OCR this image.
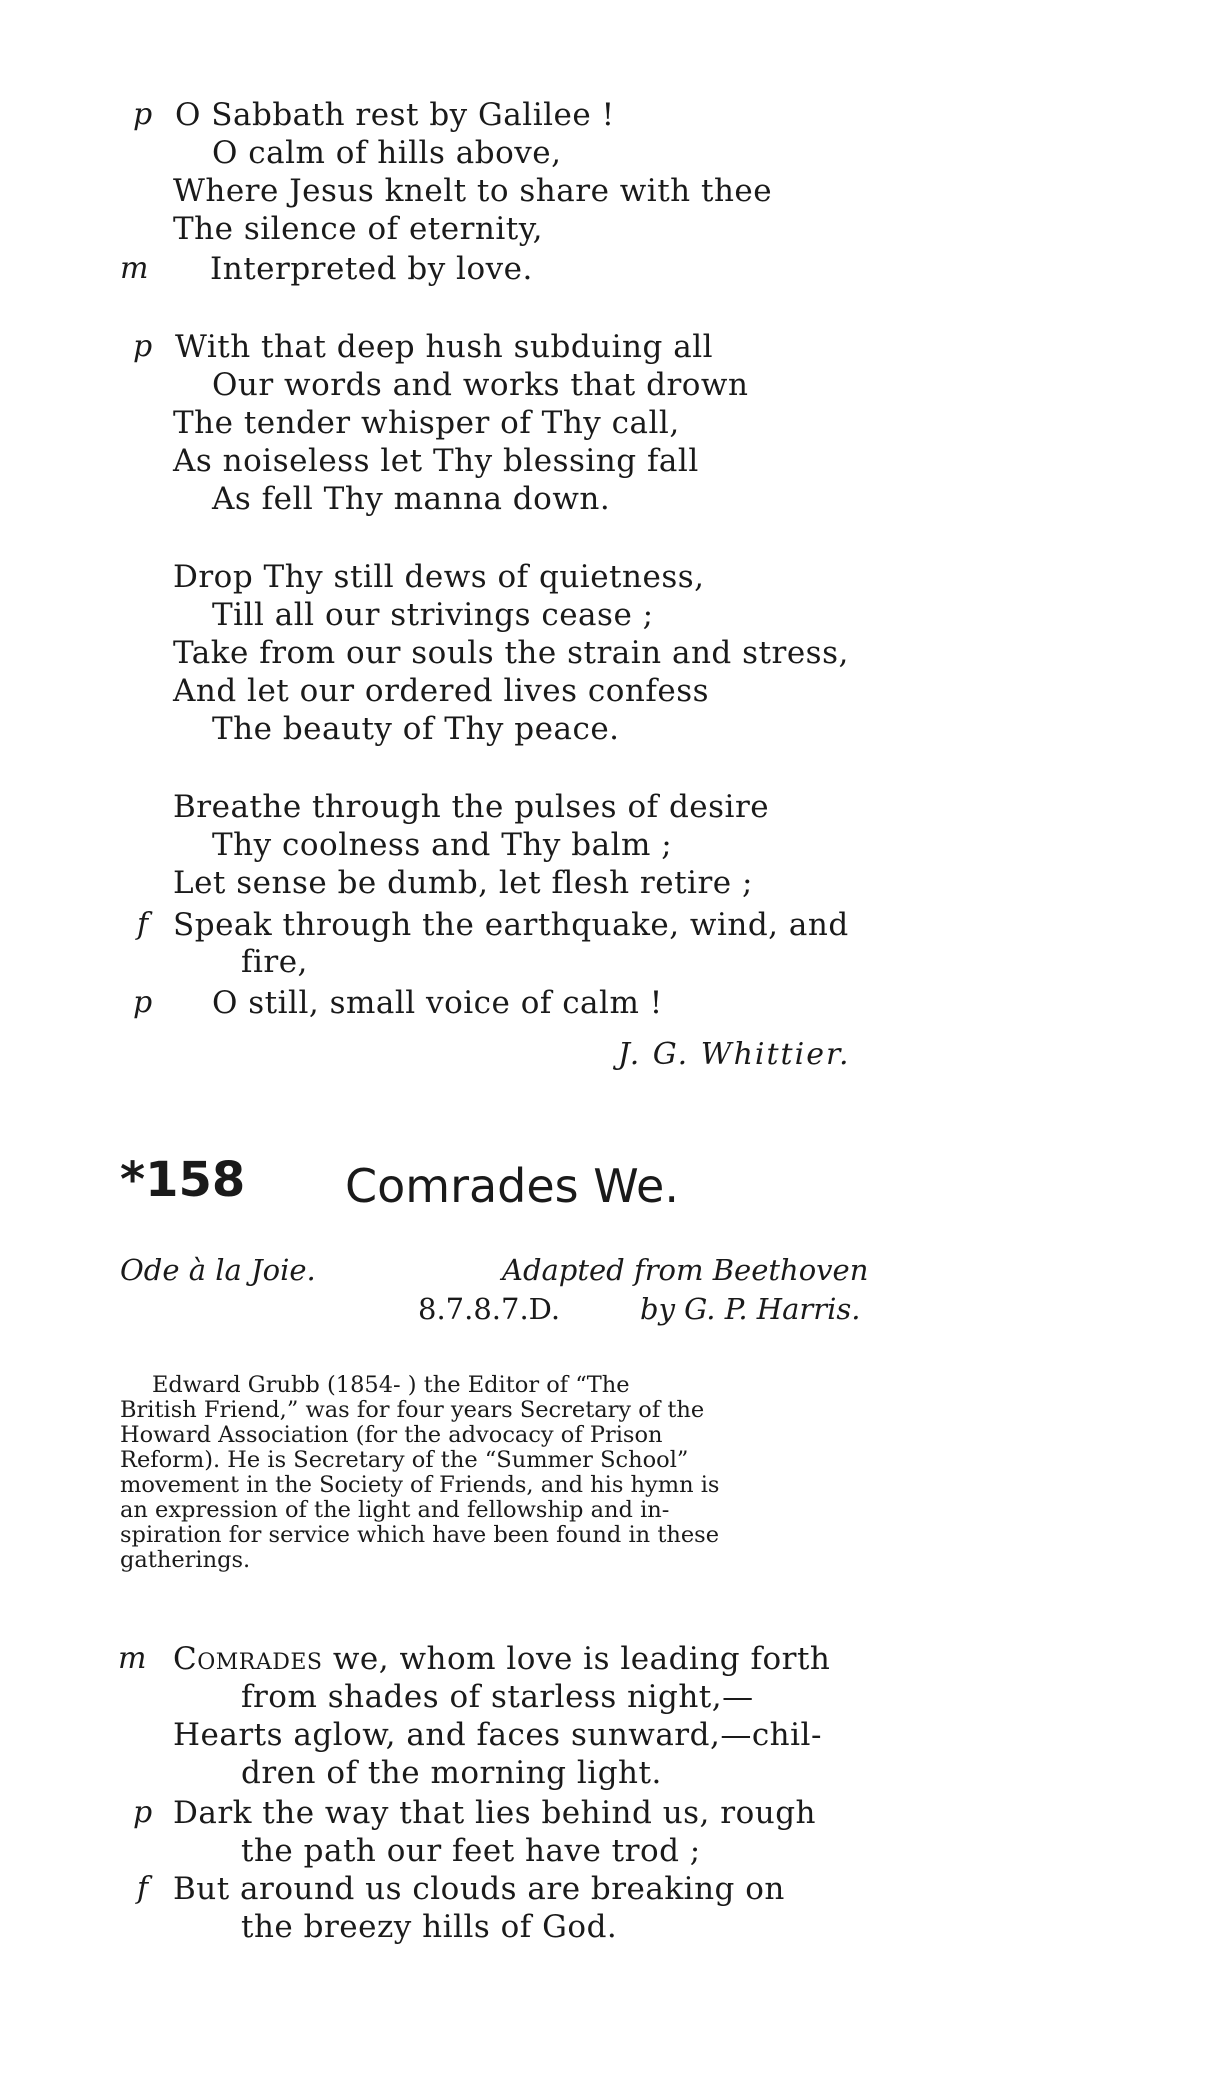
p O Sabbath rest by Galilee !
O calm of hills above,
Where Jesus knelt to share with thee
The silence of eternity,
m Interpreted by love.
p With that deep hush subduing all
Our words and works that drown
The tender whisper of Thy call,
As noiseless let Thy blessing fall
As fell Thy manna down.
Drop Thy still dews of quietness,
Till all our strivings cease ;
Take from our souls the strain and stress,
And let our ordered lives confess
The beauty of Thy peace.
Breathe through the pulses of desire
Thy coolness and Thy balm ;
Let sense be dumb, let flesh retire ;
f Speak through the earthquake, wind, and
fire,
p O still, small voice of calm !
J. G. Whittier.
*158 Comrades We.
Ode à la Joie.	Adapted from Beethoven
8.7.8.7.D.	by G. P. Harris.
Edward Grubb (1854- ) the Editor of “The
British Friend,” was for four years Secretary of the
Howard Association (for the advocacy of Prison
Reform). He is Secretary of the “Summer School”
movement in the Society of Friends, and his hymn is
an expression of the light and fellowship and in-
spiration for service which have been found in these
gatherings.
m Comrades we, whom love is leading forth
from shades of starless night,—
Hearts aglow, and faces sunward,—chil-
dren of the morning light.
p Dark the way that lies behind us, rough
the path our feet have trod ;
f But around us clouds are breaking on
the breezy hills of God.
